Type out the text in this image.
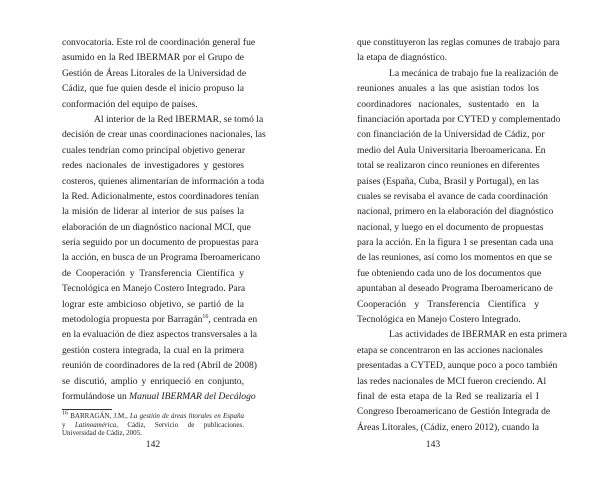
convocatoria. Este rol de coordinación general fue
asumido en la Red IBERMAR por el Grupo de
Gestión de Áreas Litorales de la Universidad de
Cádiz, que fue quien desde el inicio propuso la
conformación del equipo de países.
Al interior de la Red IBERMAR, se tomó la
decisión de crear unas coordinaciones nacionales, las
cuales tendrían como principal objetivo generar
redes nacionales de investigadores y gestores
costeros, quienes alimentarían de información a toda
la Red. Adicionalmente, estos coordinadores tenían
la misión de liderar al interior de sus países la
elaboración de un diagnóstico nacional MCI, que
sería seguido por un documento de propuestas para
la acción, en busca de un Programa Iberoamericano
de Cooperación y Transferencia Científica y
Tecnológica en Manejo Costero Integrado. Para
lograr este ambicioso objetivo, se partió de la
metodología propuesta por Barragán$^{16}$, centrada en
en la evaluación de diez aspectos transversales a la
gestión costera integrada, la cual en la primera
reunión de coordinadores de la red (Abril de 2008)
se discutió, amplio y enriqueció en conjunto,
formulándose un Manual IBERMAR del Decálogo
$^{16}$ BARRAGÁN, J.M., La gestión de áreas litorales en España
y Latinoamérica, Cádiz, Servicio de publicaciones.
Universidad de Cádiz, 2005.
142
que constituyeron las reglas comunes de trabajo para
la etapa de diagnóstico.
La mecánica de trabajo fue la realización de
reuniones anuales a las que asistían todos los
coordinadores nacionales, sustentado en la
financiación aportada por CYTED y complementado
con financiación de la Universidad de Cádiz, por
medio del Aula Universitaria Iberoamericana. En
total se realizaron cinco reuniones en diferentes
países (España, Cuba, Brasil y Portugal), en las
cuales se revisaba el avance de cada coordinación
nacional, primero en la elaboración del diagnóstico
nacional, y luego en el documento de propuestas
para la acción. En la figura 1 se presentan cada una
de las reuniones, así como los momentos en que se
fue obteniendo cada uno de los documentos que
apuntaban al deseado Programa Iberoamericano de
Cooperación y Transferencia Científica y
Tecnológica en Manejo Costero Integrado.
Las actividades de IBERMAR en esta primera
etapa se concentraron en las acciones nacionales
presentadas a CYTED, aunque poco a poco también
las redes nacionales de MCI fueron creciendo. Al
final de esta etapa de la Red se realizaría el I
Congreso Iberoamericano de Gestión Integrada de
Áreas Litorales, (Cádiz, enero 2012), cuando la
143
